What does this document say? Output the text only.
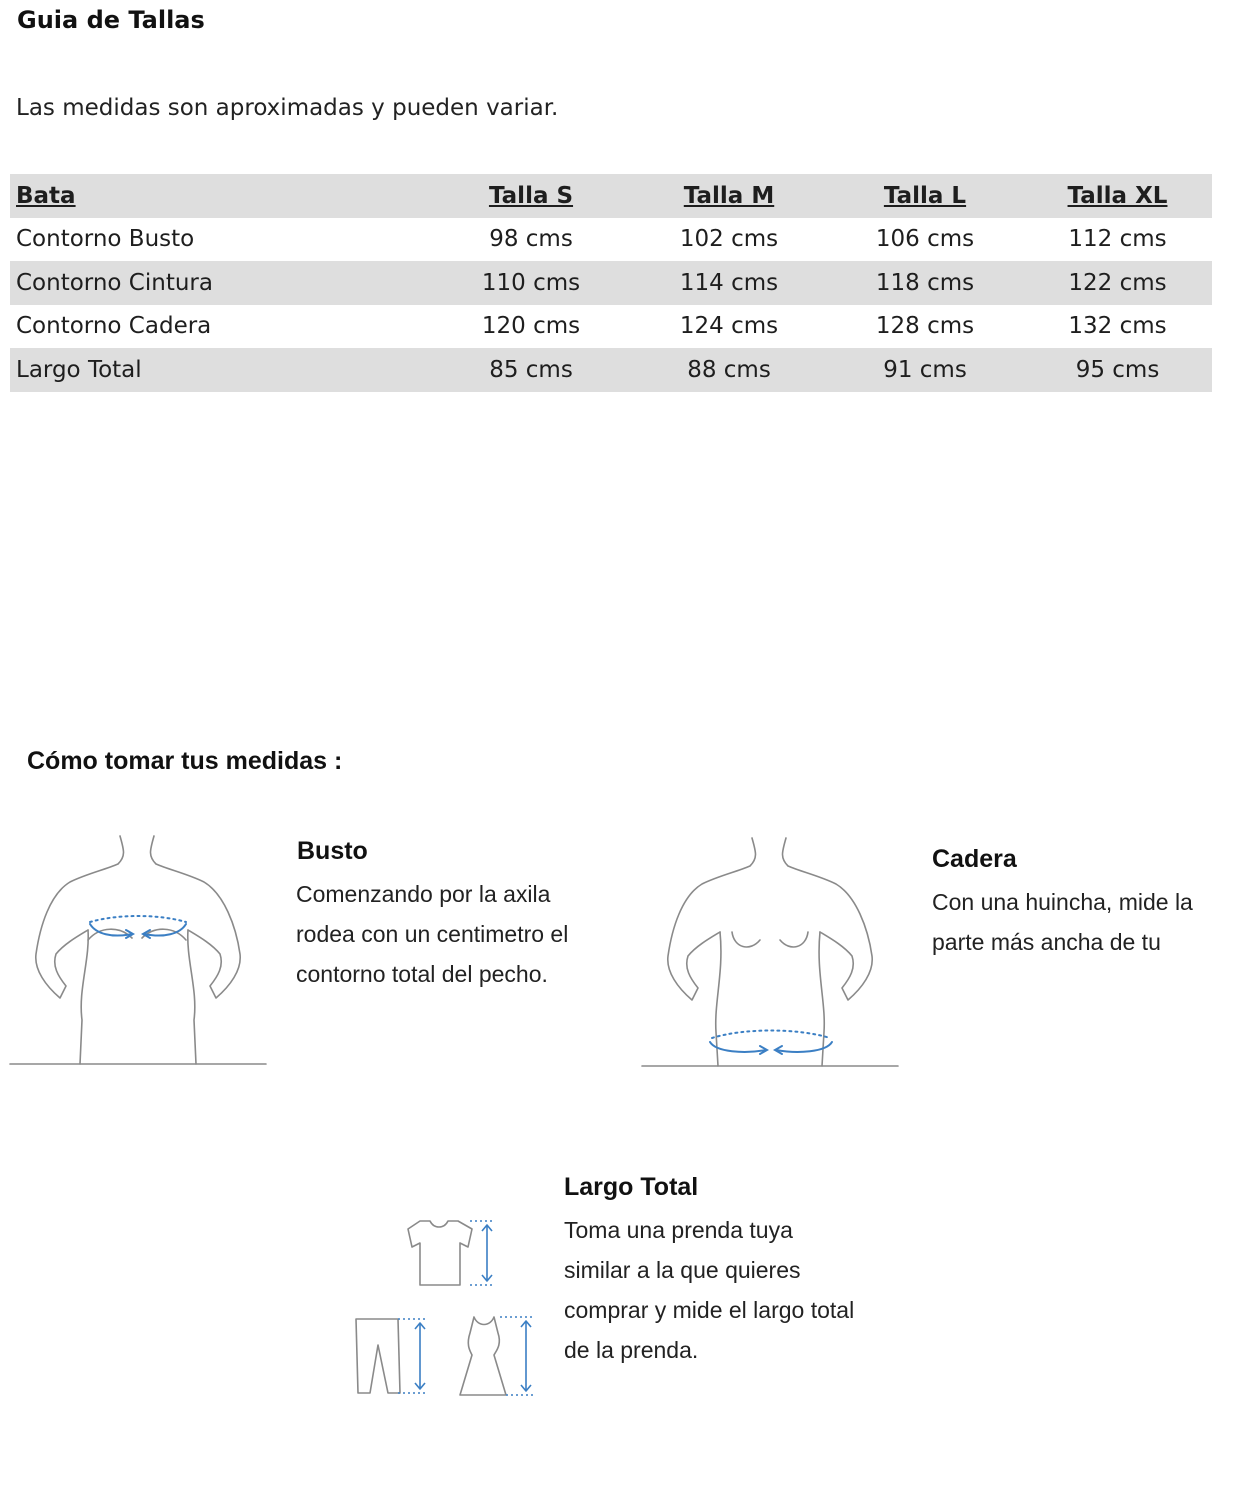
Guia de Tallas
Las medidas son aproximadas y pueden variar.
Bata	Talla S	Talla M	Talla L	Talla XL
Contorno Busto	98 cms	102 cms	106 cms	112 cms
Contorno Cintura	110 cms	114 cms	118 cms	122 cms
Contorno Cadera	120 cms	124 cms	128 cms	132 cms
Largo Total	85 cms	88 cms	91 cms	95 cms
Cómo tomar tus medidas :
Busto
Comenzando por la axila
rodea con un centimetro el
contorno total del pecho.
Cadera
Con una huincha, mide la
parte más ancha de tu
Largo Total
Toma una prenda tuya
similar a la que quieres
comprar y mide el largo total
de la prenda.
